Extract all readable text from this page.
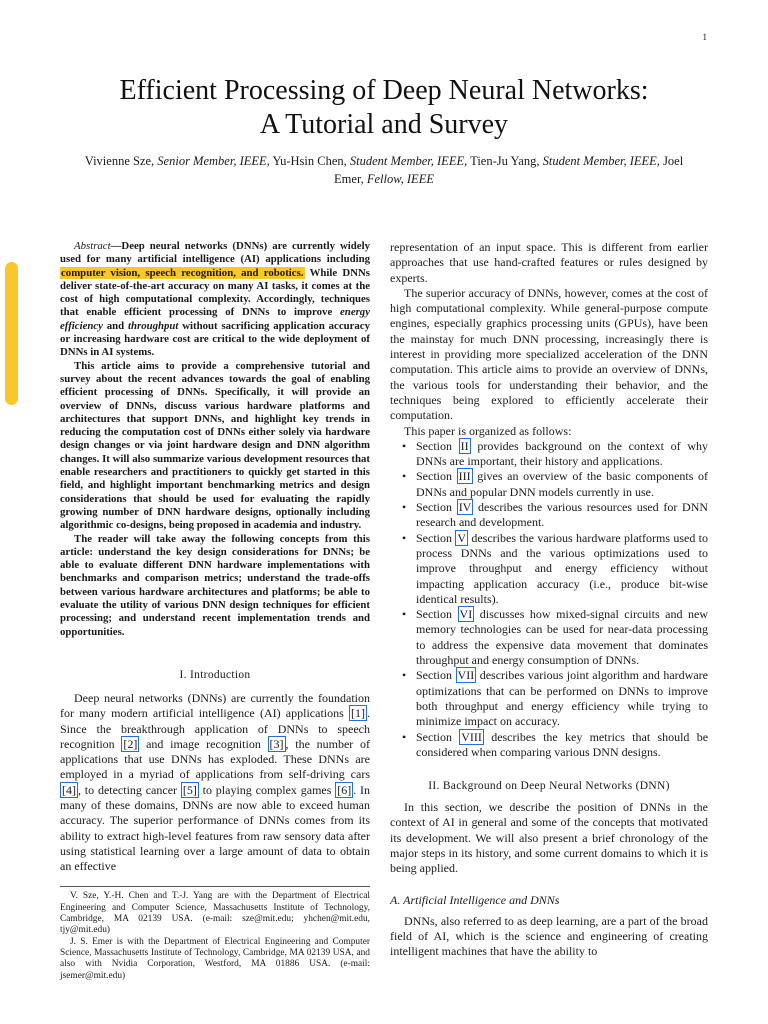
1
Efficient Processing of Deep Neural Networks:
A Tutorial and Survey
Vivienne Sze, Senior Member, IEEE, Yu-Hsin Chen, Student Member, IEEE, Tien-Ju Yang, Student Member, IEEE, Joel Emer, Fellow, IEEE

Abstract—Deep neural networks (DNNs) are currently widely used for many artificial intelligence (AI) applications including computer vision, speech recognition, and robotics. While DNNs deliver state-of-the-art accuracy on many AI tasks, it comes at the cost of high computational complexity. Accordingly, techniques that enable efficient processing of DNNs to improve energy efficiency and throughput without sacrificing application accuracy or increasing hardware cost are critical to the wide deployment of DNNs in AI systems.

This article aims to provide a comprehensive tutorial and survey about the recent advances towards the goal of enabling efficient processing of DNNs. Specifically, it will provide an overview of DNNs, discuss various hardware platforms and architectures that support DNNs, and highlight key trends in reducing the computation cost of DNNs either solely via hardware design changes or via joint hardware design and DNN algorithm changes. It will also summarize various development resources that enable researchers and practitioners to quickly get started in this field, and highlight important benchmarking metrics and design considerations that should be used for evaluating the rapidly growing number of DNN hardware designs, optionally including algorithmic co-designs, being proposed in academia and industry.

The reader will take away the following concepts from this article: understand the key design considerations for DNNs; be able to evaluate different DNN hardware implementations with benchmarks and comparison metrics; understand the trade-offs between various hardware architectures and platforms; be able to evaluate the utility of various DNN design techniques for efficient processing; and understand recent implementation trends and opportunities.

I. Introduction

Deep neural networks (DNNs) are currently the foundation for many modern artificial intelligence (AI) applications [1] . Since the breakthrough application of DNNs to speech recognition [2] and image recognition [3] , the number of applications that use DNNs has exploded. These DNNs are employed in a myriad of applications from self-driving cars [4] , to detecting cancer [5] to playing complex games [6] . In many of these domains, DNNs are now able to exceed human accuracy. The superior performance of DNNs comes from its ability to extract high-level features from raw sensory data after using statistical learning over a large amount of data to obtain an effective

V. Sze, Y.-H. Chen and T.-J. Yang are with the Department of Electrical Engineering and Computer Science, Massachusetts Institute of Technology, Cambridge, MA 02139 USA. (e-mail: sze@mit.edu; yhchen@mit.edu, tjy@mit.edu)

J. S. Emer is with the Department of Electrical Engineering and Computer Science, Massachusetts Institute of Technology, Cambridge, MA 02139 USA, and also with Nvidia Corporation, Westford, MA 01886 USA. (e-mail: jsemer@mit.edu)

representation of an input space. This is different from earlier approaches that use hand-crafted features or rules designed by experts.

The superior accuracy of DNNs, however, comes at the cost of high computational complexity. While general-purpose compute engines, especially graphics processing units (GPUs), have been the mainstay for much DNN processing, increasingly there is interest in providing more specialized acceleration of the DNN computation. This article aims to provide an overview of DNNs, the various tools for understanding their behavior, and the techniques being explored to efficiently accelerate their computation.

This paper is organized as follows:

• Section II provides background on the context of why DNNs are important, their history and applications.
• Section III gives an overview of the basic components of DNNs and popular DNN models currently in use.
• Section IV describes the various resources used for DNN research and development.
• Section V describes the various hardware platforms used to process DNNs and the various optimizations used to improve throughput and energy efficiency without impacting application accuracy (i.e., produce bit-wise identical results).
• Section VI discusses how mixed-signal circuits and new memory technologies can be used for near-data processing to address the expensive data movement that dominates throughput and energy consumption of DNNs.
• Section VII describes various joint algorithm and hardware optimizations that can be performed on DNNs to improve both throughput and energy efficiency while trying to minimize impact on accuracy.
• Section VIII describes the key metrics that should be considered when comparing various DNN designs.

II. Background on Deep Neural Networks (DNN)

In this section, we describe the position of DNNs in the context of AI in general and some of the concepts that motivated its development. We will also present a brief chronology of the major steps in its history, and some current domains to which it is being applied.

A. Artificial Intelligence and DNNs

DNNs, also referred to as deep learning, are a part of the broad field of AI, which is the science and engineering of creating intelligent machines that have the ability to
